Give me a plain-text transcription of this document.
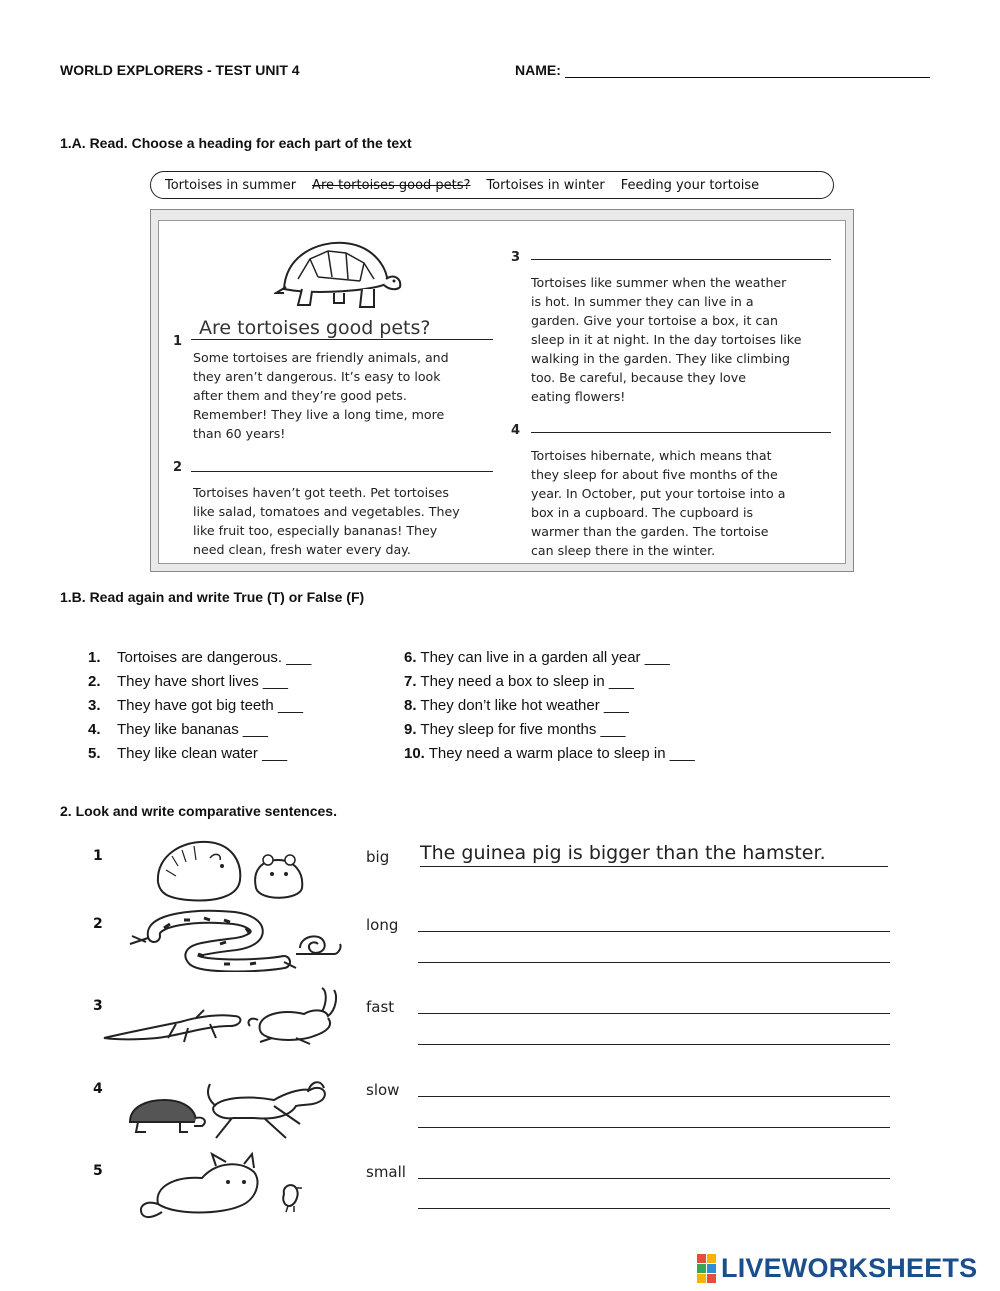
WORLD EXPLORERS - TEST UNIT 4	NAME:
1.A. Read. Choose a heading for each part of the text
Tortoises in summer Are tortoises good pets? Tortoises in winter Feeding your tortoise
1
Are tortoises good pets?
Some tortoises are friendly animals, and
they aren’t dangerous. It’s easy to look
after them and they’re good pets.
Remember! They live a long time, more
than 60 years!
2
Tortoises haven’t got teeth. Pet tortoises
like salad, tomatoes and vegetables. They
like fruit too, especially bananas! They
need clean, fresh water every day.
3
Tortoises like summer when the weather
is hot. In summer they can live in a
garden. Give your tortoise a box, it can
sleep in it at night. In the day tortoises like
walking in the garden. They like climbing
too. Be careful, because they love
eating flowers!
4
Tortoises hibernate, which means that
they sleep for about five months of the
year. In October, put your tortoise into a
box in a cupboard. The cupboard is
warmer than the garden. The tortoise
can sleep there in the winter.
1.B. Read again and write True (T) or False (F)
1. Tortoises are dangerous. ___
2. They have short lives ___
3. They have got big teeth ___
4. They like bananas ___
5. They like clean water ___
6. They can live in a garden all year ___
7. They need a box to sleep in ___
8. They don’t like hot weather ___
9. They sleep for five months ___
10. They need a warm place to sleep in ___
2. Look and write comparative sentences.
1	big The guinea pig is bigger than the hamster.
2	long
3	fast
4	slow
5	small
LIVEWORKSHEETS
